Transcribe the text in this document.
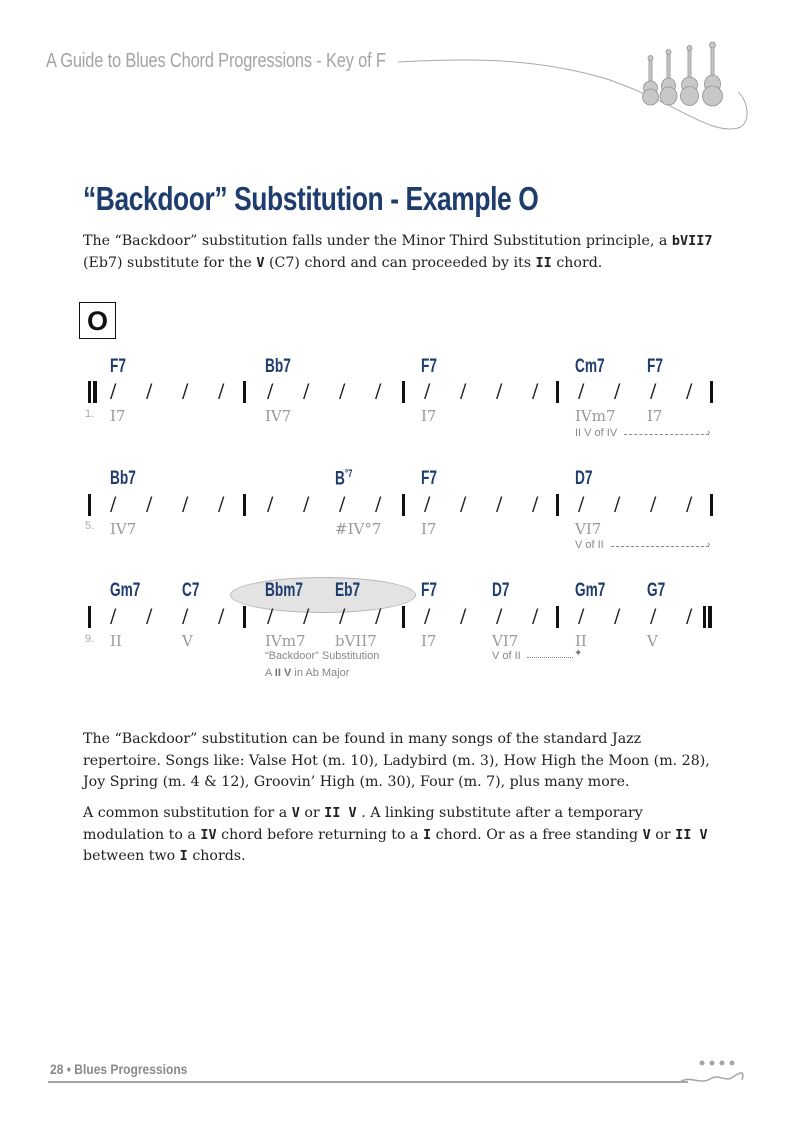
A Guide to Blues Chord Progressions - Key of F
“Backdoor” Substitution - Example O
The “Backdoor” substitution falls under the Minor Third Substitution principle, a bVII7 (Eb7) substitute for the V (C7) chord and can proceeded by its II chord.
O
F7	Bb7	F7	Cm7 F7
1. I7	IV7	I7	IVm7 I7
II V of IV	›
Bb7	$B^{^\circ 7}$	F7	D7
5. IV7	#IV°7	I7	VI7
V of II	›
Gm7 C7	Bbm7 Eb7	F7	D7	Gm7 G7
9. II	V	IVm7 bVII7	I7	VI7	II	V
“Backdoor” Substitution
A II V in Ab Major
V of II	✦
/ / / / / / / / / / / / / / / /
/ / / / / / / / / / / / / / / /
/ / / / / / / / / / / / / / / /
The “Backdoor” substitution can be found in many songs of the standard Jazz repertoire. Songs like: Valse Hot (m. 10), Ladybird (m. 3), How High the Moon (m. 28), Joy Spring (m. 4 & 12), Groovin’ High (m. 30), Four (m. 7), plus many more.
A common substitution for a V or II V . A linking substitute after a temporary modulation to a IV chord before returning to a I chord. Or as a free standing V or II V between two I chords.
28 • Blues Progressions
